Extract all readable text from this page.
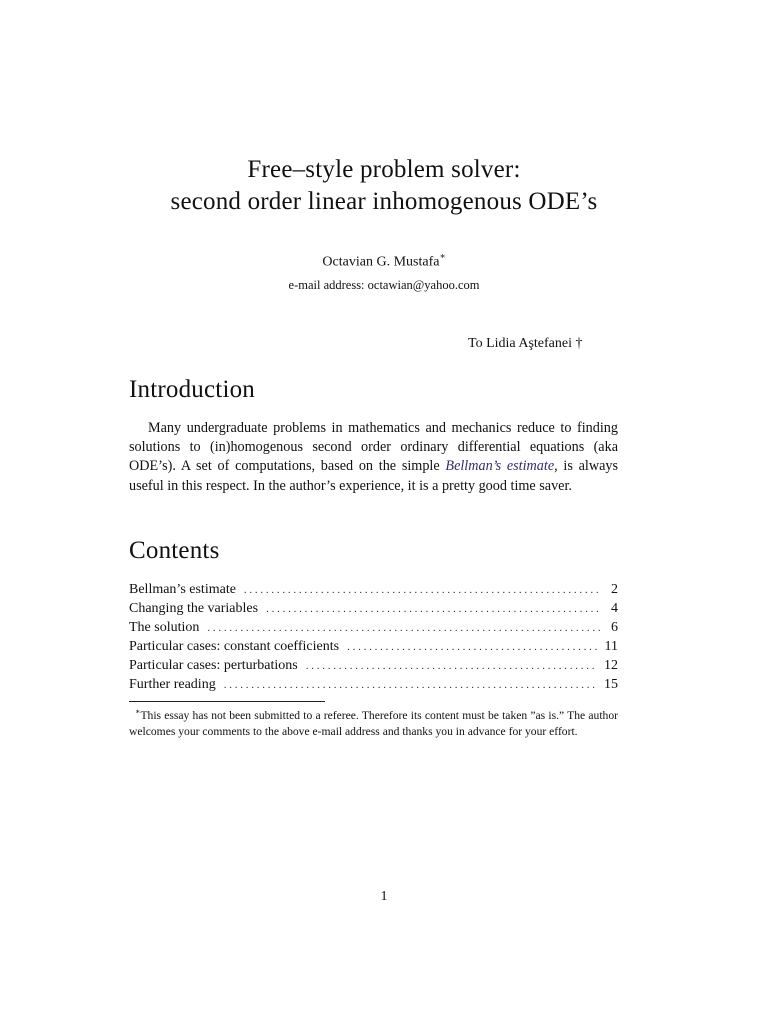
Free–style problem solver:
second order linear inhomogenous ODE’s
Octavian G. Mustafa∗
e-mail address: octawian@yahoo.com
To Lidia Aştefanei †
Introduction

Many undergraduate problems in mathematics and mechanics reduce to finding solutions to (in)homogenous second order ordinary differential equations (aka ODE’s). A set of computations, based on the simple Bellman’s estimate, is always useful in this respect. In the author’s experience, it is a pretty good time saver.

Contents
Bellman’s estimate . . .	2
Changing the variables . . .	4
The solution . . .	6
Particular cases: constant coefficients . . .	11
Particular cases: perturbations . . .	12
Further reading . . .	15

∗This essay has not been submitted to a referee. Therefore its content must be taken ”as is.” The author welcomes your comments to the above e-mail address and thanks you in advance for your effort.

1
